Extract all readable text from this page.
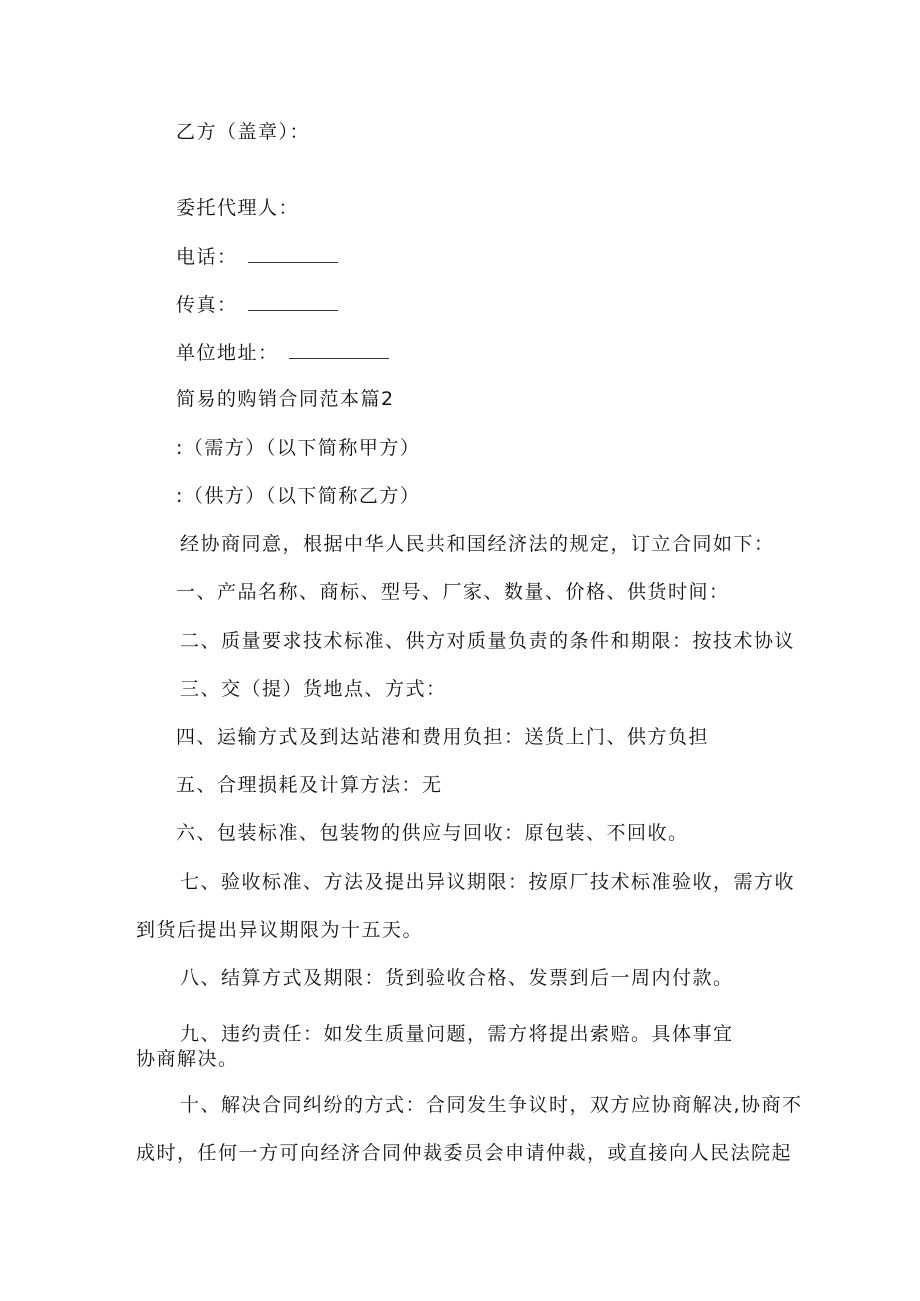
乙方（盖章）：
委托代理人：
电话：
传真：
单位地址：
简易的购销合同范本篇2
:（需方）（以下简称甲方）
:（供方）（以下简称乙方）
经协商同意，根据中华人民共和国经济法的规定，订立合同如下：
一、产品名称、商标、型号、厂家、数量、价格、供货时间：
二、质量要求技术标准、供方对质量负责的条件和期限：按技术协议
三、交（提）货地点、方式：
四、运输方式及到达站港和费用负担：送货上门、供方负担
五、合理损耗及计算方法：无
六、包装标准、包装物的供应与回收：原包装、不回收。
七、验收标准、方法及提出异议期限：按原厂技术标准验收，需方收
到货后提出异议期限为十五天。
八、结算方式及期限：货到验收合格、发票到后一周内付款。
九、违约责任：如发生质量问题，需方将提出索赔。具体事宜
协商解决。
十、解决合同纠纷的方式：合同发生争议时，双方应协商解决,协商不
成时，任何一方可向经济合同仲裁委员会申请仲裁，或直接向人民法院起
